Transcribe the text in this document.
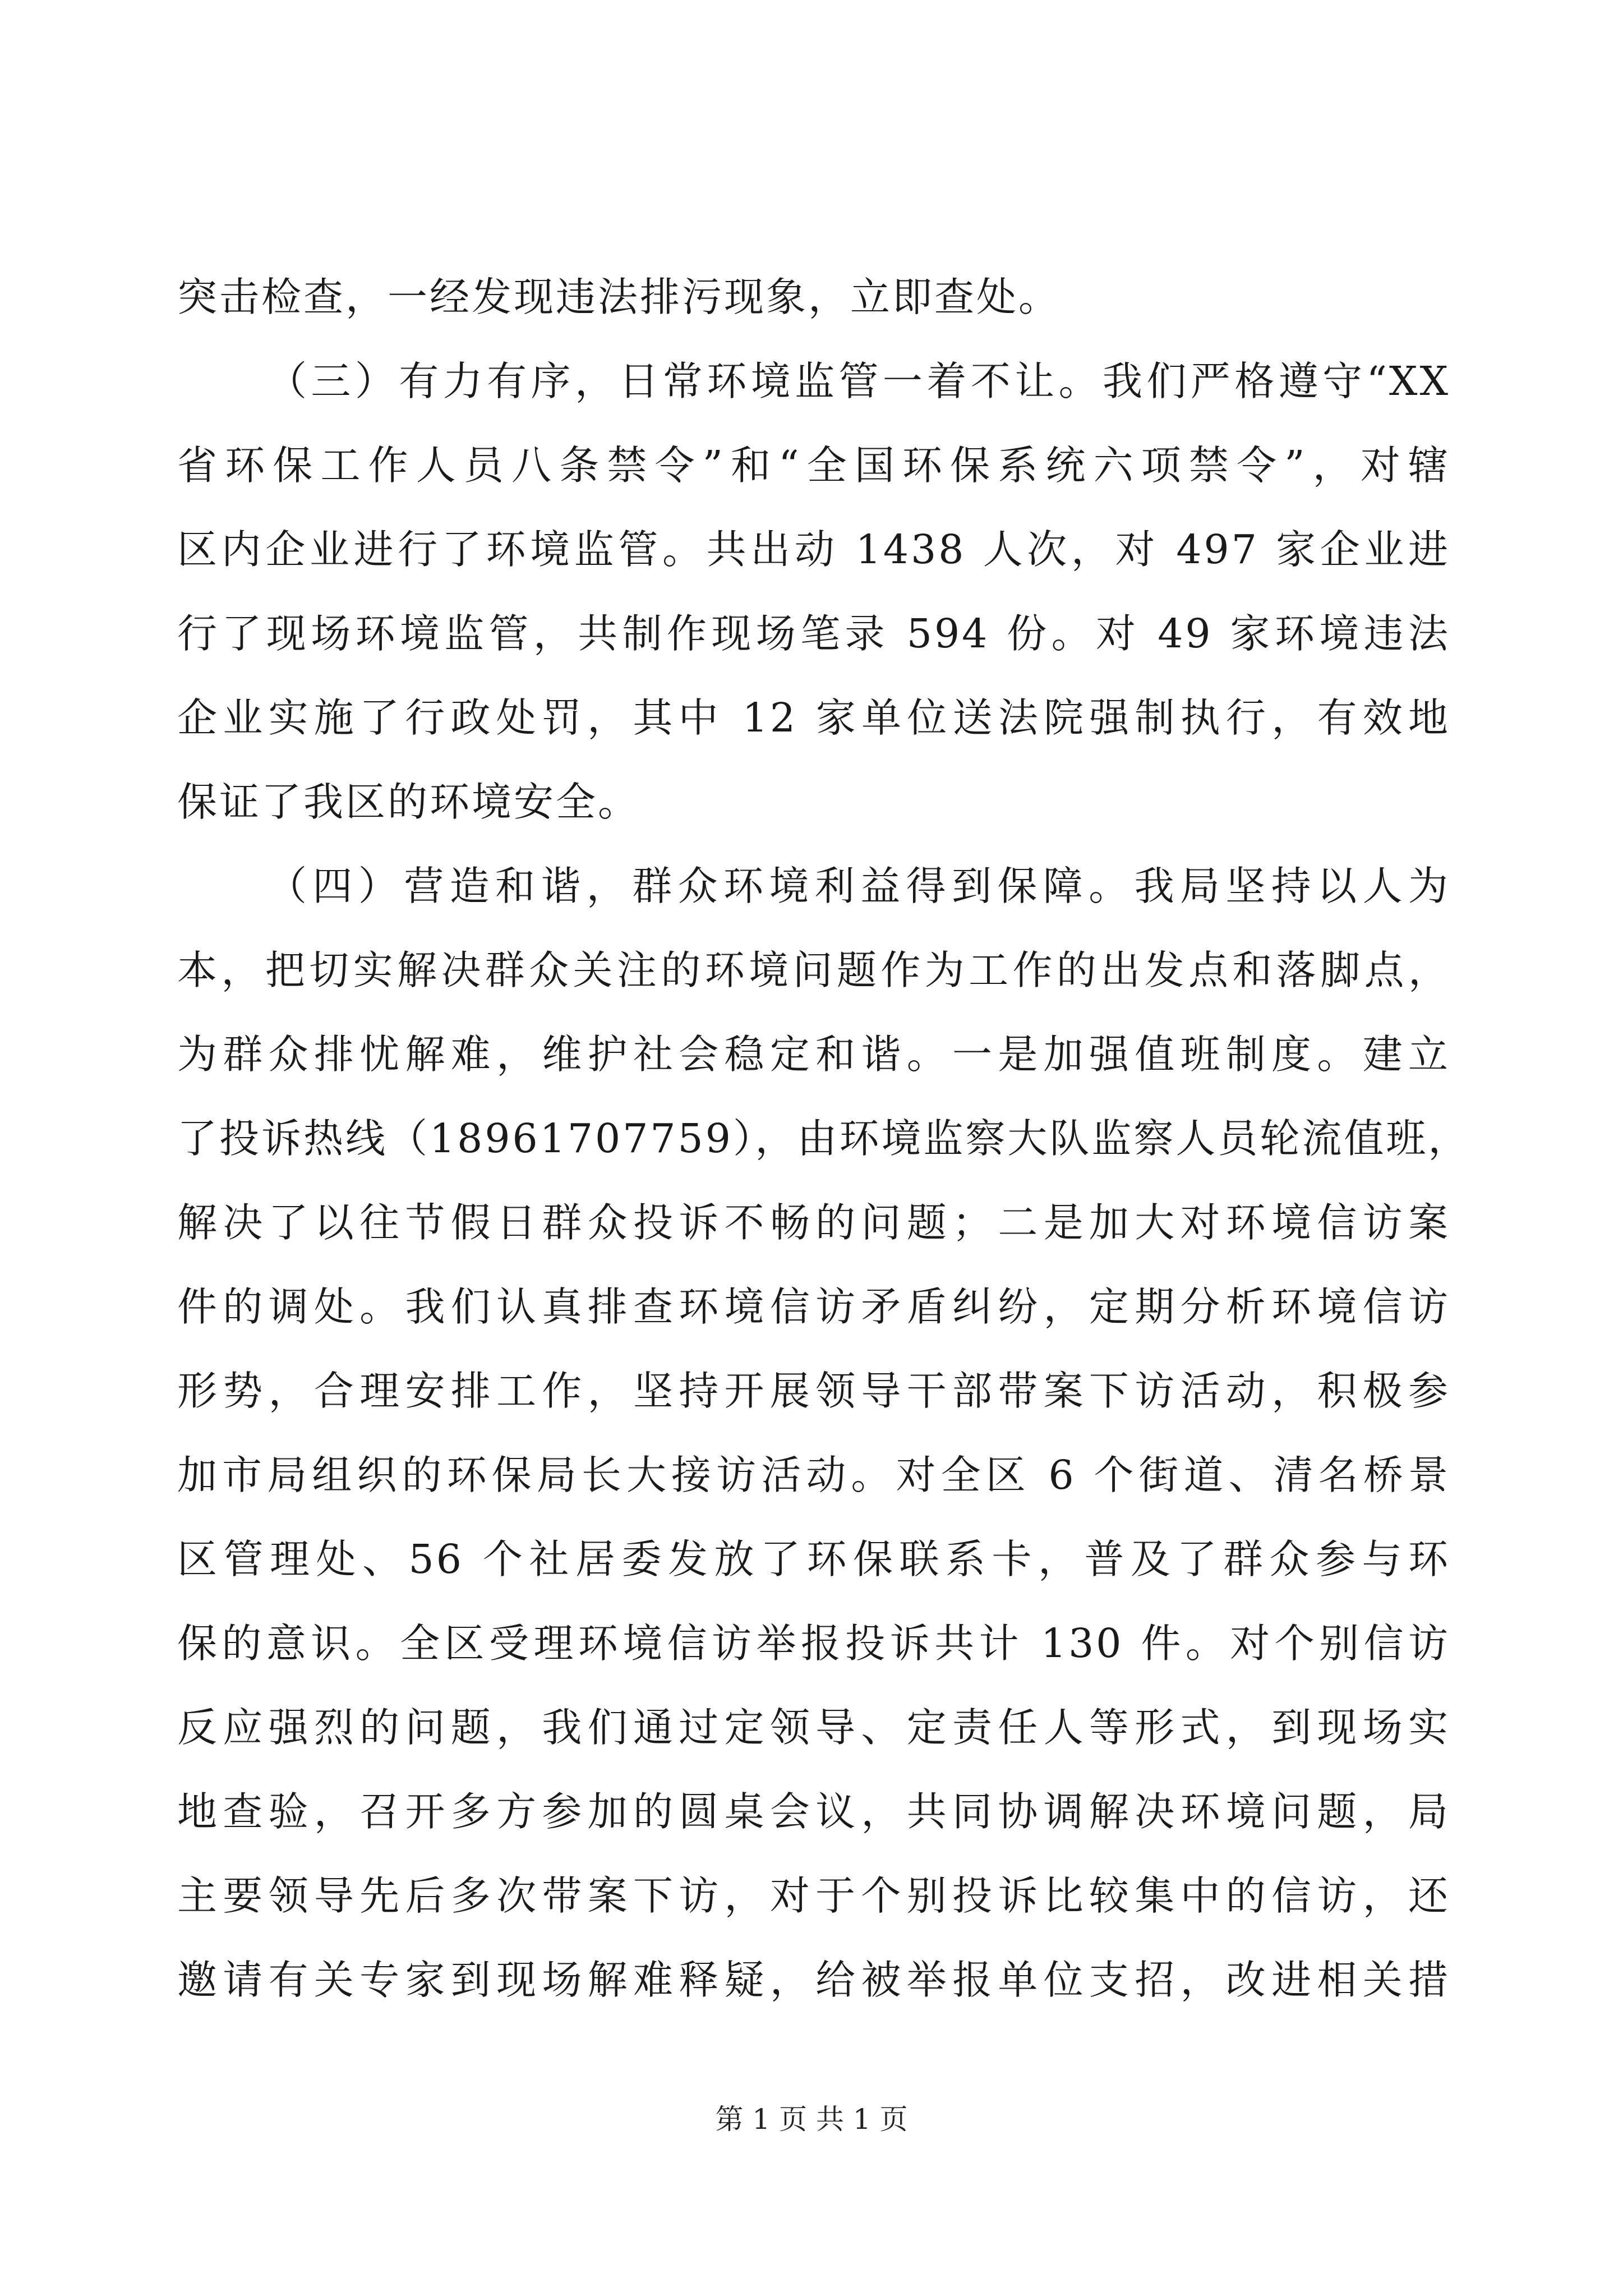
突击检查，一经发现违法排污现象，立即查处。
（三）有力有序，日常环境监管一着不让。我们严格遵守“XX
省环保工作人员八条禁令”和“全国环保系统六项禁令”，对辖
区内企业进行了环境监管。共出动 1438 人次，对 497 家企业进
行了现场环境监管，共制作现场笔录 594 份。对 49 家环境违法
企业实施了行政处罚，其中 12 家单位送法院强制执行，有效地
保证了我区的环境安全。
（四）营造和谐，群众环境利益得到保障。我局坚持以人为
本，把切实解决群众关注的环境问题作为工作的出发点和落脚点，
为群众排忧解难，维护社会稳定和谐。一是加强值班制度。建立
了投诉热线（18961707759），由环境监察大队监察人员轮流值班，
解决了以往节假日群众投诉不畅的问题；二是加大对环境信访案
件的调处。我们认真排查环境信访矛盾纠纷，定期分析环境信访
形势，合理安排工作，坚持开展领导干部带案下访活动，积极参
加市局组织的环保局长大接访活动。对全区 6 个街道、清名桥景
区管理处、56 个社居委发放了环保联系卡，普及了群众参与环
保的意识。全区受理环境信访举报投诉共计 130 件。对个别信访
反应强烈的问题，我们通过定领导、定责任人等形式，到现场实
地查验，召开多方参加的圆桌会议，共同协调解决环境问题，局
主要领导先后多次带案下访，对于个别投诉比较集中的信访，还
邀请有关专家到现场解难释疑，给被举报单位支招，改进相关措
第 1 页 共 1 页
